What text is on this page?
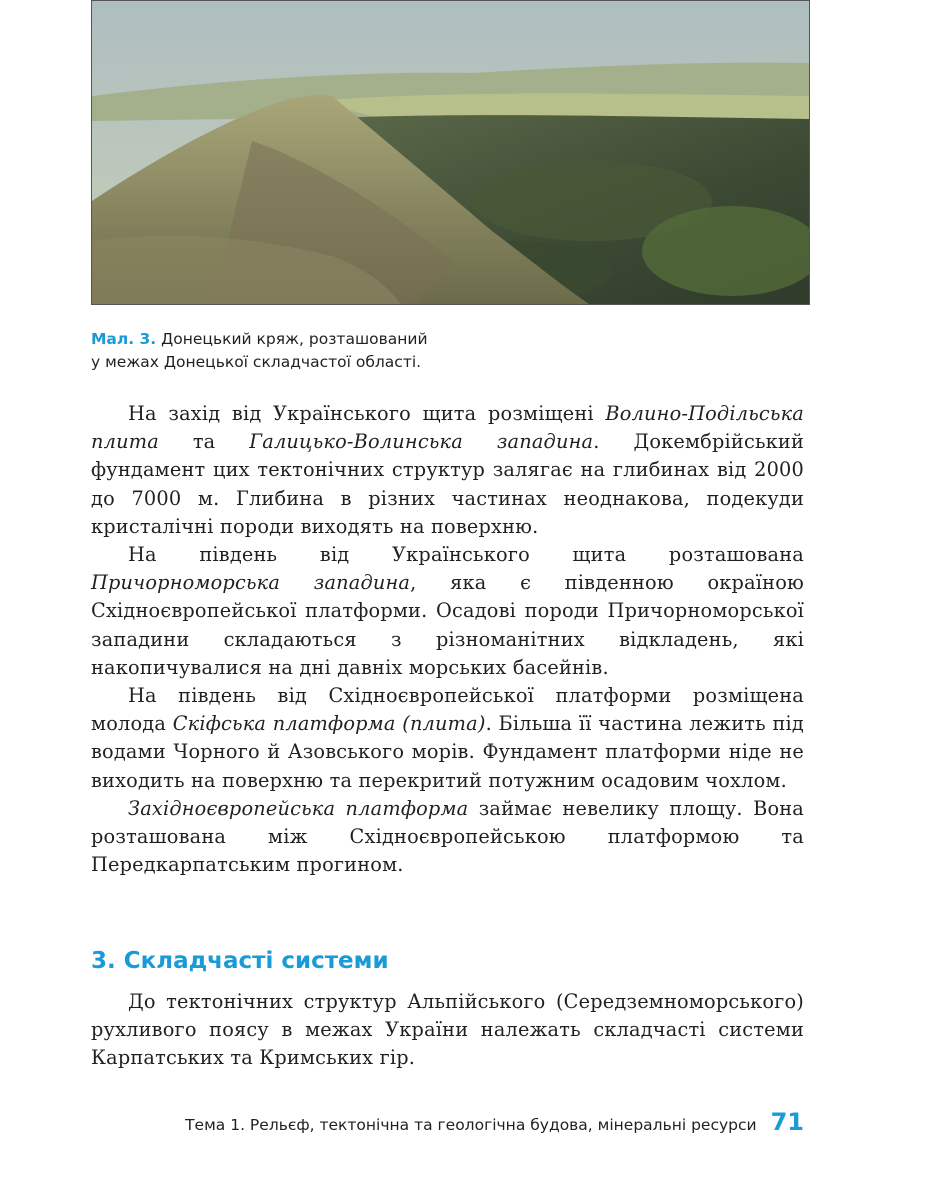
Мал. 3. Донецький кряж, розташований
у межах Донецької складчастої області.

На захід від Українського щита розміщені Волино-Подільська плита та Галицько-Волинська западина. Докембрійський фундамент цих тектонічних структур залягає на глибинах від 2000 до 7000 м. Глибина в різних частинах неоднакова, подекуди кристалічні породи виходять на поверхню.

На південь від Українського щита розташована Причорноморська западина, яка є південною окраїною Східноєвропейської платформи. Осадові породи Причорноморської западини складаються з різноманітних відкладень, які накопичувалися на дні давніх морських басейнів.

На південь від Східноєвропейської платформи розміщена молода Скіфська платформа (плита). Більша її частина лежить під водами Чорного й Азовського морів. Фундамент платформи ніде не виходить на поверхню та перекритий потужним осадовим чохлом.

Західноєвропейська платформа займає невелику площу. Вона розташована між Східноєвропейською платформою та Передкарпатським прогином.

3. Складчасті системи

До тектонічних структур Альпійського (Середземноморського) рухливого поясу в межах України належать складчасті системи Карпатських та Кримських гір.

Тема 1. Рельєф, тектонічна та геологічна будова, мінеральні ресурси 71
